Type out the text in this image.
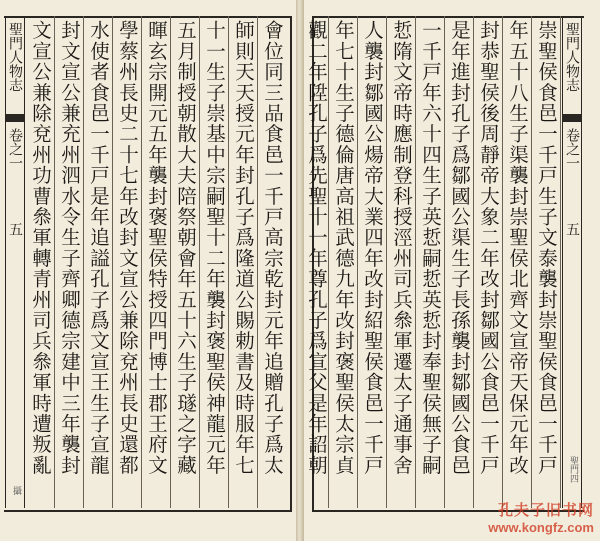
會位同三品食邑一千戸高宗乾封元年追贈孔子爲太
師則天天授元年封孔子爲隆道公賜勅書及時服年七
十一生子崇基中宗嗣聖十二年襲封褒聖侯神龍元年
五月制授朝散大夫陪祭朝會年五十六生子璲之字藏
暉玄宗開元五年襲封褒聖侯特授四門博士郡王府文
學蔡州長史二十七年改封文宣公兼除兗州長史還都
水使者食邑一千戸是年追謚孔子爲文宣王生子宣龍
封文宣公兼充州泗水令生子齊卿德宗建中三年襲封
文宣公兼除兗州功曹叅軍轉青州司兵叅軍時遭叛亂
聖門人物志
卷之一
五
攝
聖門人物志
卷之一
五
聖門四
崇聖侯食邑一千戸生子文泰襲封崇聖侯食邑一千戸
年五十八生子渠襲封崇聖侯北齊文宣帝天保元年改
封恭聖侯後周靜帝大象二年改封鄒國公食邑一千戸
是年進封孔子爲鄒國公渠生子長孫襲封鄒國公食邑
一千戸年六十四生子英悊嗣悊英悊封奉聖侯無子嗣
悊隋文帝時應制登科授涇州司兵叅軍遷太子通事舍
人襲封鄒國公煬帝大業四年改封紹聖侯食邑一千戸
年七十生子德倫唐高祖武德九年改封褒聖侯太宗貞
觀二年陞孔子爲先聖十一年尊孔子爲宣父是年詔朝
孔夫子旧书网
www.kongfz.com
